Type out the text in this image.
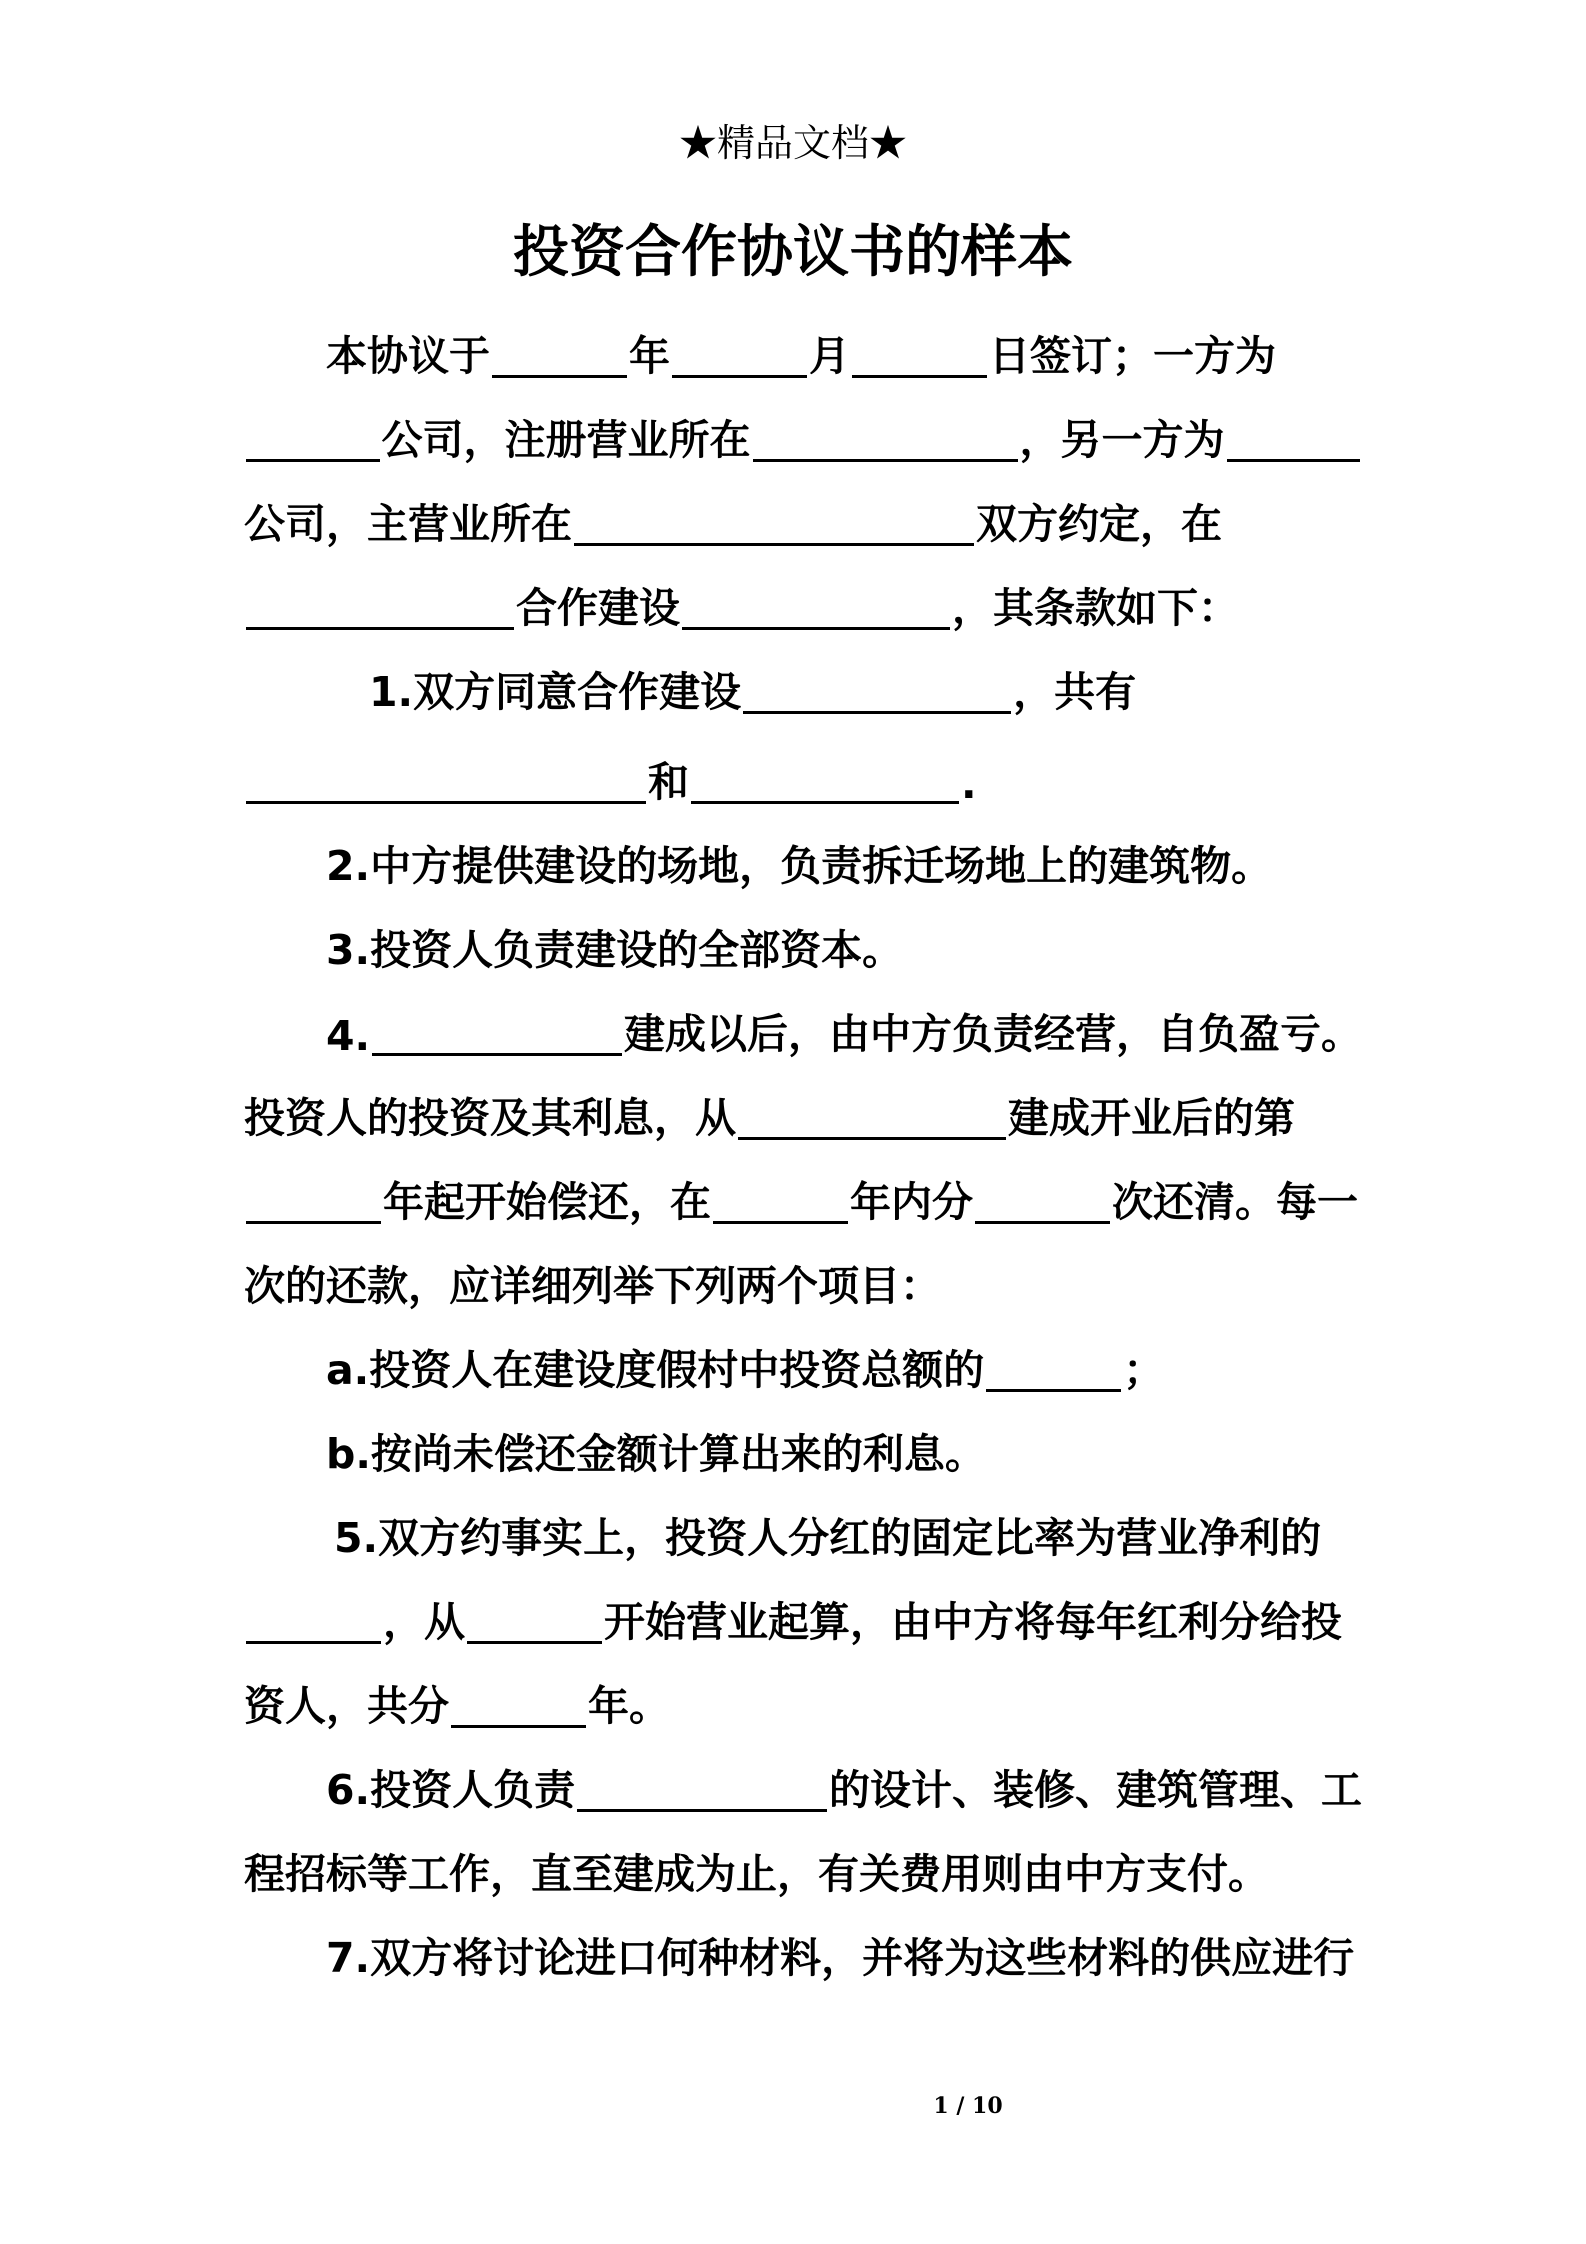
★精品文档★
投资合作协议书的样本
本协议于	年	月	日签订；一方为
公司，注册营业所在	，另一方为
公司，主营业所在	双方约定，在
合作建设	，其条款如下：
1.双方同意合作建设	，共有
和	.
2.中方提供建设的场地，负责拆迁场地上的建筑物。
3.投资人负责建设的全部资本。
4.	建成以后，由中方负责经营，自负盈亏。
投资人的投资及其利息，从	建成开业后的第
年起开始偿还，在	年内分	次还清。每一
次的还款，应详细列举下列两个项目：
a.投资人在建设度假村中投资总额的	；
b.按尚未偿还金额计算出来的利息。
5.双方约事实上，投资人分红的固定比率为营业净利的
，从	开始营业起算，由中方将每年红利分给投
资人，共分	年。
6.投资人负责	的设计、装修、建筑管理、工
程招标等工作，直至建成为止，有关费用则由中方支付。
7.双方将讨论进口何种材料，并将为这些材料的供应进行
1 / 10
